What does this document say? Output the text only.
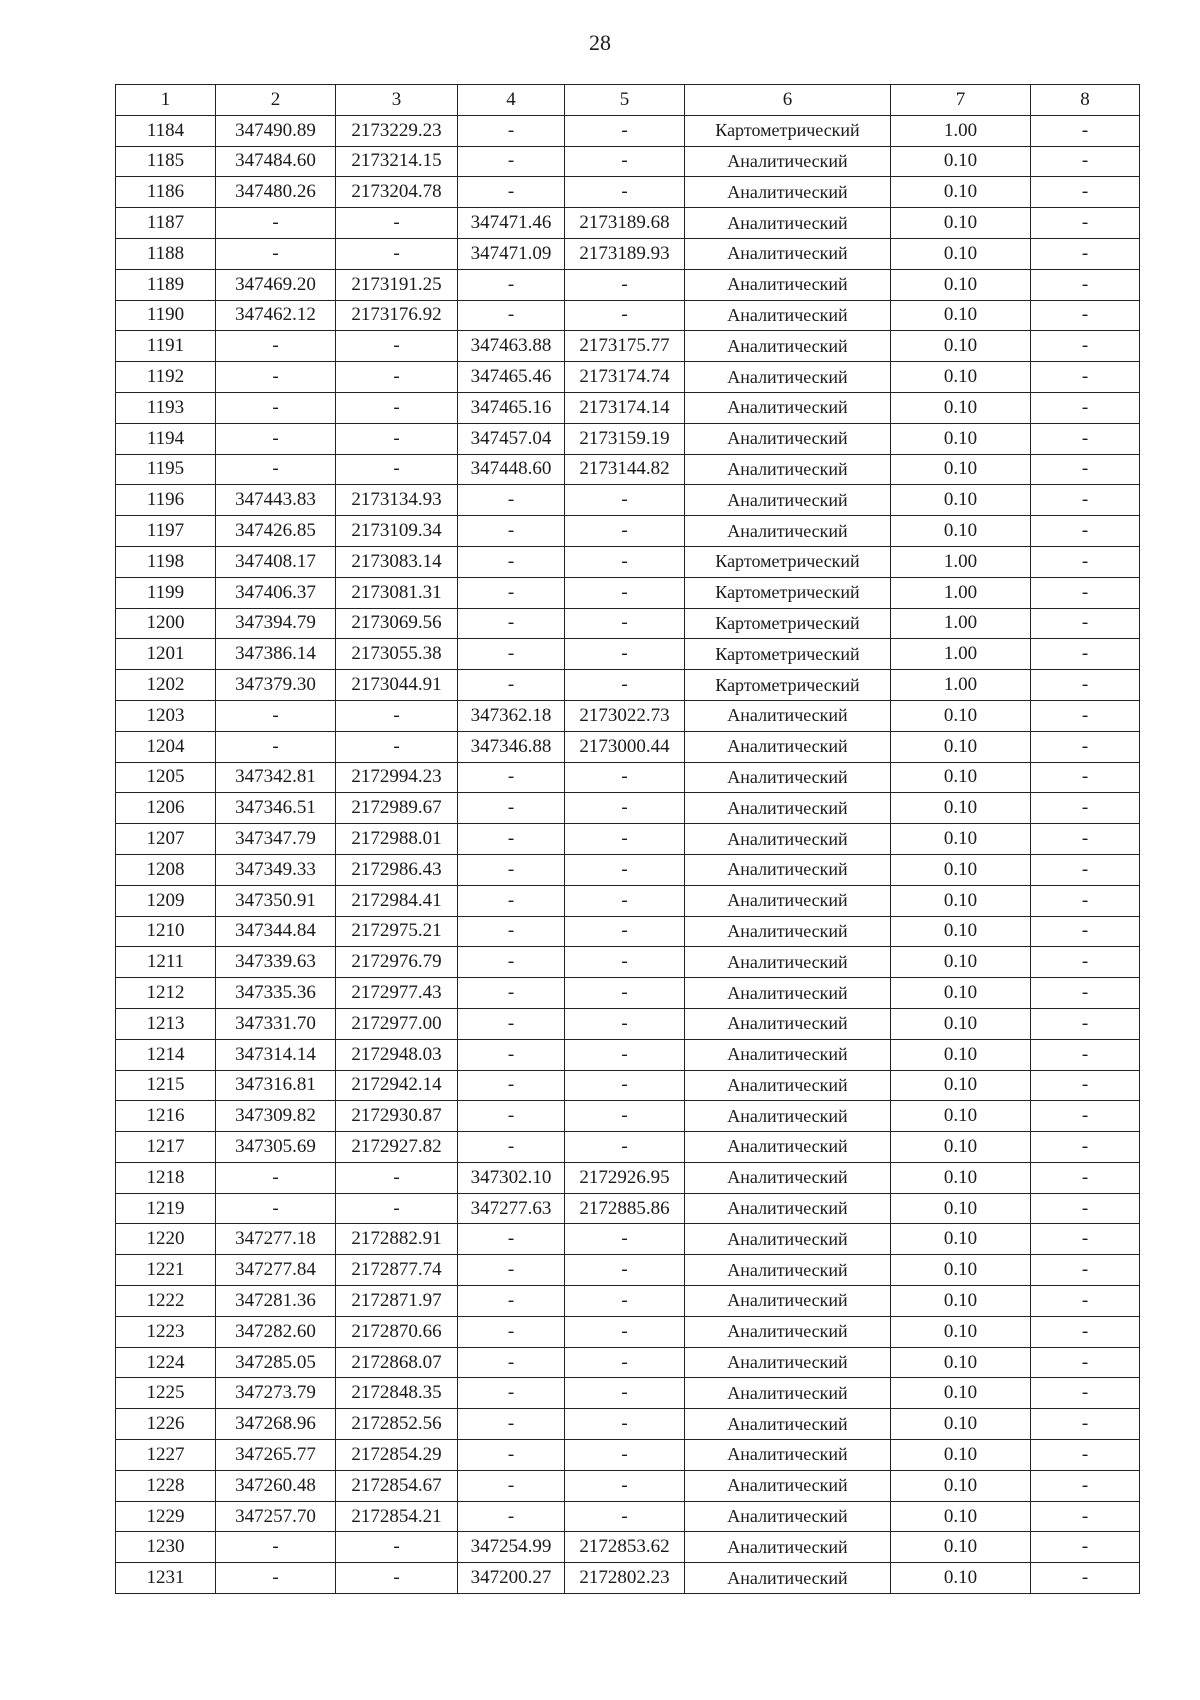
28
1	2	3	4	5	6	7	8
1184	347490.89	2173229.23	-	-	Картометрический	1.00	-
1185	347484.60	2173214.15	-	-	Аналитический	0.10	-
1186	347480.26	2173204.78	-	-	Аналитический	0.10	-
1187	-	-	347471.46	2173189.68	Аналитический	0.10	-
1188	-	-	347471.09	2173189.93	Аналитический	0.10	-
1189	347469.20	2173191.25	-	-	Аналитический	0.10	-
1190	347462.12	2173176.92	-	-	Аналитический	0.10	-
1191	-	-	347463.88	2173175.77	Аналитический	0.10	-
1192	-	-	347465.46	2173174.74	Аналитический	0.10	-
1193	-	-	347465.16	2173174.14	Аналитический	0.10	-
1194	-	-	347457.04	2173159.19	Аналитический	0.10	-
1195	-	-	347448.60	2173144.82	Аналитический	0.10	-
1196	347443.83	2173134.93	-	-	Аналитический	0.10	-
1197	347426.85	2173109.34	-	-	Аналитический	0.10	-
1198	347408.17	2173083.14	-	-	Картометрический	1.00	-
1199	347406.37	2173081.31	-	-	Картометрический	1.00	-
1200	347394.79	2173069.56	-	-	Картометрический	1.00	-
1201	347386.14	2173055.38	-	-	Картометрический	1.00	-
1202	347379.30	2173044.91	-	-	Картометрический	1.00	-
1203	-	-	347362.18	2173022.73	Аналитический	0.10	-
1204	-	-	347346.88	2173000.44	Аналитический	0.10	-
1205	347342.81	2172994.23	-	-	Аналитический	0.10	-
1206	347346.51	2172989.67	-	-	Аналитический	0.10	-
1207	347347.79	2172988.01	-	-	Аналитический	0.10	-
1208	347349.33	2172986.43	-	-	Аналитический	0.10	-
1209	347350.91	2172984.41	-	-	Аналитический	0.10	-
1210	347344.84	2172975.21	-	-	Аналитический	0.10	-
1211	347339.63	2172976.79	-	-	Аналитический	0.10	-
1212	347335.36	2172977.43	-	-	Аналитический	0.10	-
1213	347331.70	2172977.00	-	-	Аналитический	0.10	-
1214	347314.14	2172948.03	-	-	Аналитический	0.10	-
1215	347316.81	2172942.14	-	-	Аналитический	0.10	-
1216	347309.82	2172930.87	-	-	Аналитический	0.10	-
1217	347305.69	2172927.82	-	-	Аналитический	0.10	-
1218	-	-	347302.10	2172926.95	Аналитический	0.10	-
1219	-	-	347277.63	2172885.86	Аналитический	0.10	-
1220	347277.18	2172882.91	-	-	Аналитический	0.10	-
1221	347277.84	2172877.74	-	-	Аналитический	0.10	-
1222	347281.36	2172871.97	-	-	Аналитический	0.10	-
1223	347282.60	2172870.66	-	-	Аналитический	0.10	-
1224	347285.05	2172868.07	-	-	Аналитический	0.10	-
1225	347273.79	2172848.35	-	-	Аналитический	0.10	-
1226	347268.96	2172852.56	-	-	Аналитический	0.10	-
1227	347265.77	2172854.29	-	-	Аналитический	0.10	-
1228	347260.48	2172854.67	-	-	Аналитический	0.10	-
1229	347257.70	2172854.21	-	-	Аналитический	0.10	-
1230	-	-	347254.99	2172853.62	Аналитический	0.10	-
1231	-	-	347200.27	2172802.23	Аналитический	0.10	-
